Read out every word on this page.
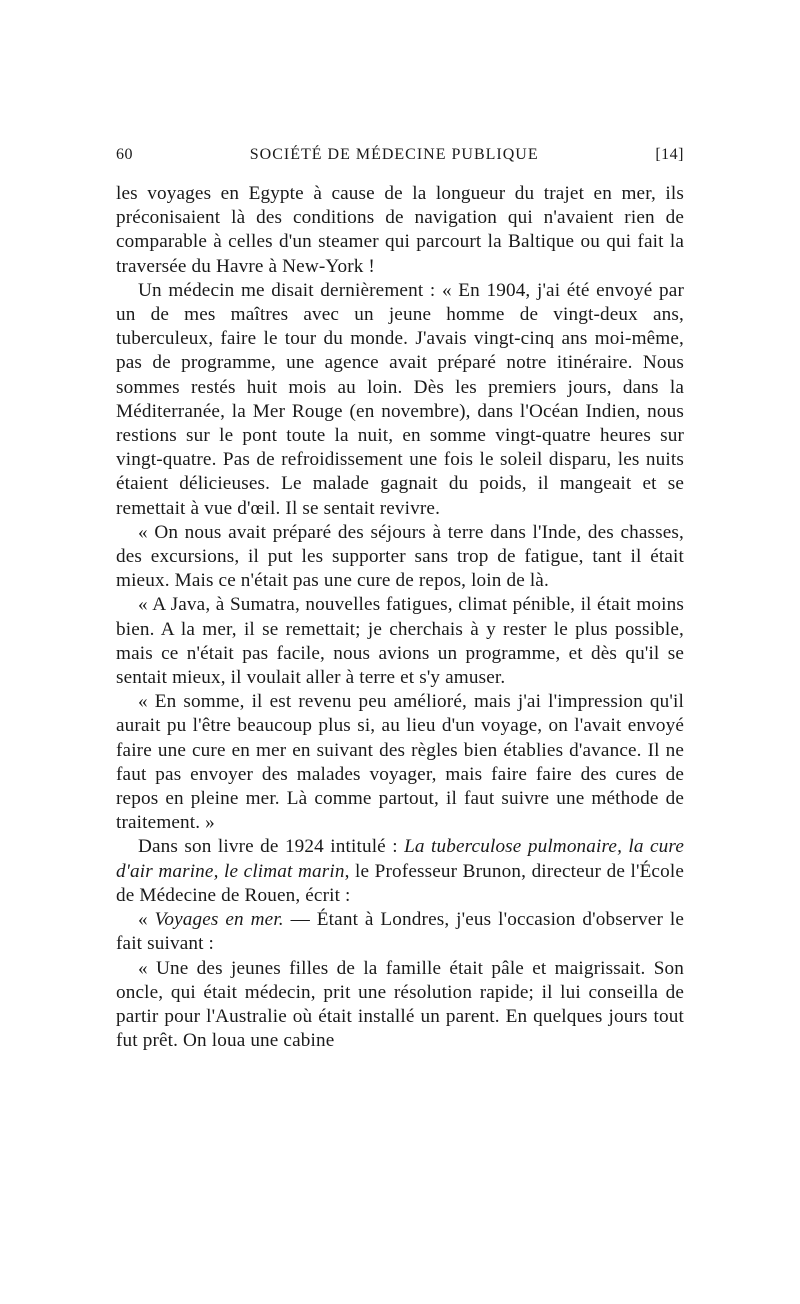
60	SOCIÉTÉ DE MÉDECINE PUBLIQUE	[14]

les voyages en Egypte à cause de la longueur du trajet en mer, ils préconisaient là des conditions de navigation qui n'avaient rien de comparable à celles d'un steamer qui parcourt la Baltique ou qui fait la traversée du Havre à New-York !

Un médecin me disait dernièrement : « En 1904, j'ai été envoyé par un de mes maîtres avec un jeune homme de vingt-deux ans, tuberculeux, faire le tour du monde. J'avais vingt-cinq ans moi-même, pas de programme, une agence avait préparé notre itinéraire. Nous sommes restés huit mois au loin. Dès les premiers jours, dans la Méditerranée, la Mer Rouge (en novembre), dans l'Océan Indien, nous restions sur le pont toute la nuit, en somme vingt-quatre heures sur vingt-quatre. Pas de refroidissement une fois le soleil disparu, les nuits étaient délicieuses. Le malade gagnait du poids, il mangeait et se remettait à vue d'œil. Il se sentait revivre.

« On nous avait préparé des séjours à terre dans l'Inde, des chasses, des excursions, il put les supporter sans trop de fatigue, tant il était mieux. Mais ce n'était pas une cure de repos, loin de là.

« A Java, à Sumatra, nouvelles fatigues, climat pénible, il était moins bien. A la mer, il se remettait; je cherchais à y rester le plus possible, mais ce n'était pas facile, nous avions un programme, et dès qu'il se sentait mieux, il voulait aller à terre et s'y amuser.

« En somme, il est revenu peu amélioré, mais j'ai l'impression qu'il aurait pu l'être beaucoup plus si, au lieu d'un voyage, on l'avait envoyé faire une cure en mer en suivant des règles bien établies d'avance. Il ne faut pas envoyer des malades voyager, mais faire faire des cures de repos en pleine mer. Là comme partout, il faut suivre une méthode de traitement. »

Dans son livre de 1924 intitulé : La tuberculose pulmonaire, la cure d'air marine, le climat marin, le Professeur Brunon, directeur de l'École de Médecine de Rouen, écrit :

« Voyages en mer. — Étant à Londres, j'eus l'occasion d'observer le fait suivant :

« Une des jeunes filles de la famille était pâle et maigrissait. Son oncle, qui était médecin, prit une résolution rapide; il lui conseilla de partir pour l'Australie où était installé un parent. En quelques jours tout fut prêt. On loua une cabine
